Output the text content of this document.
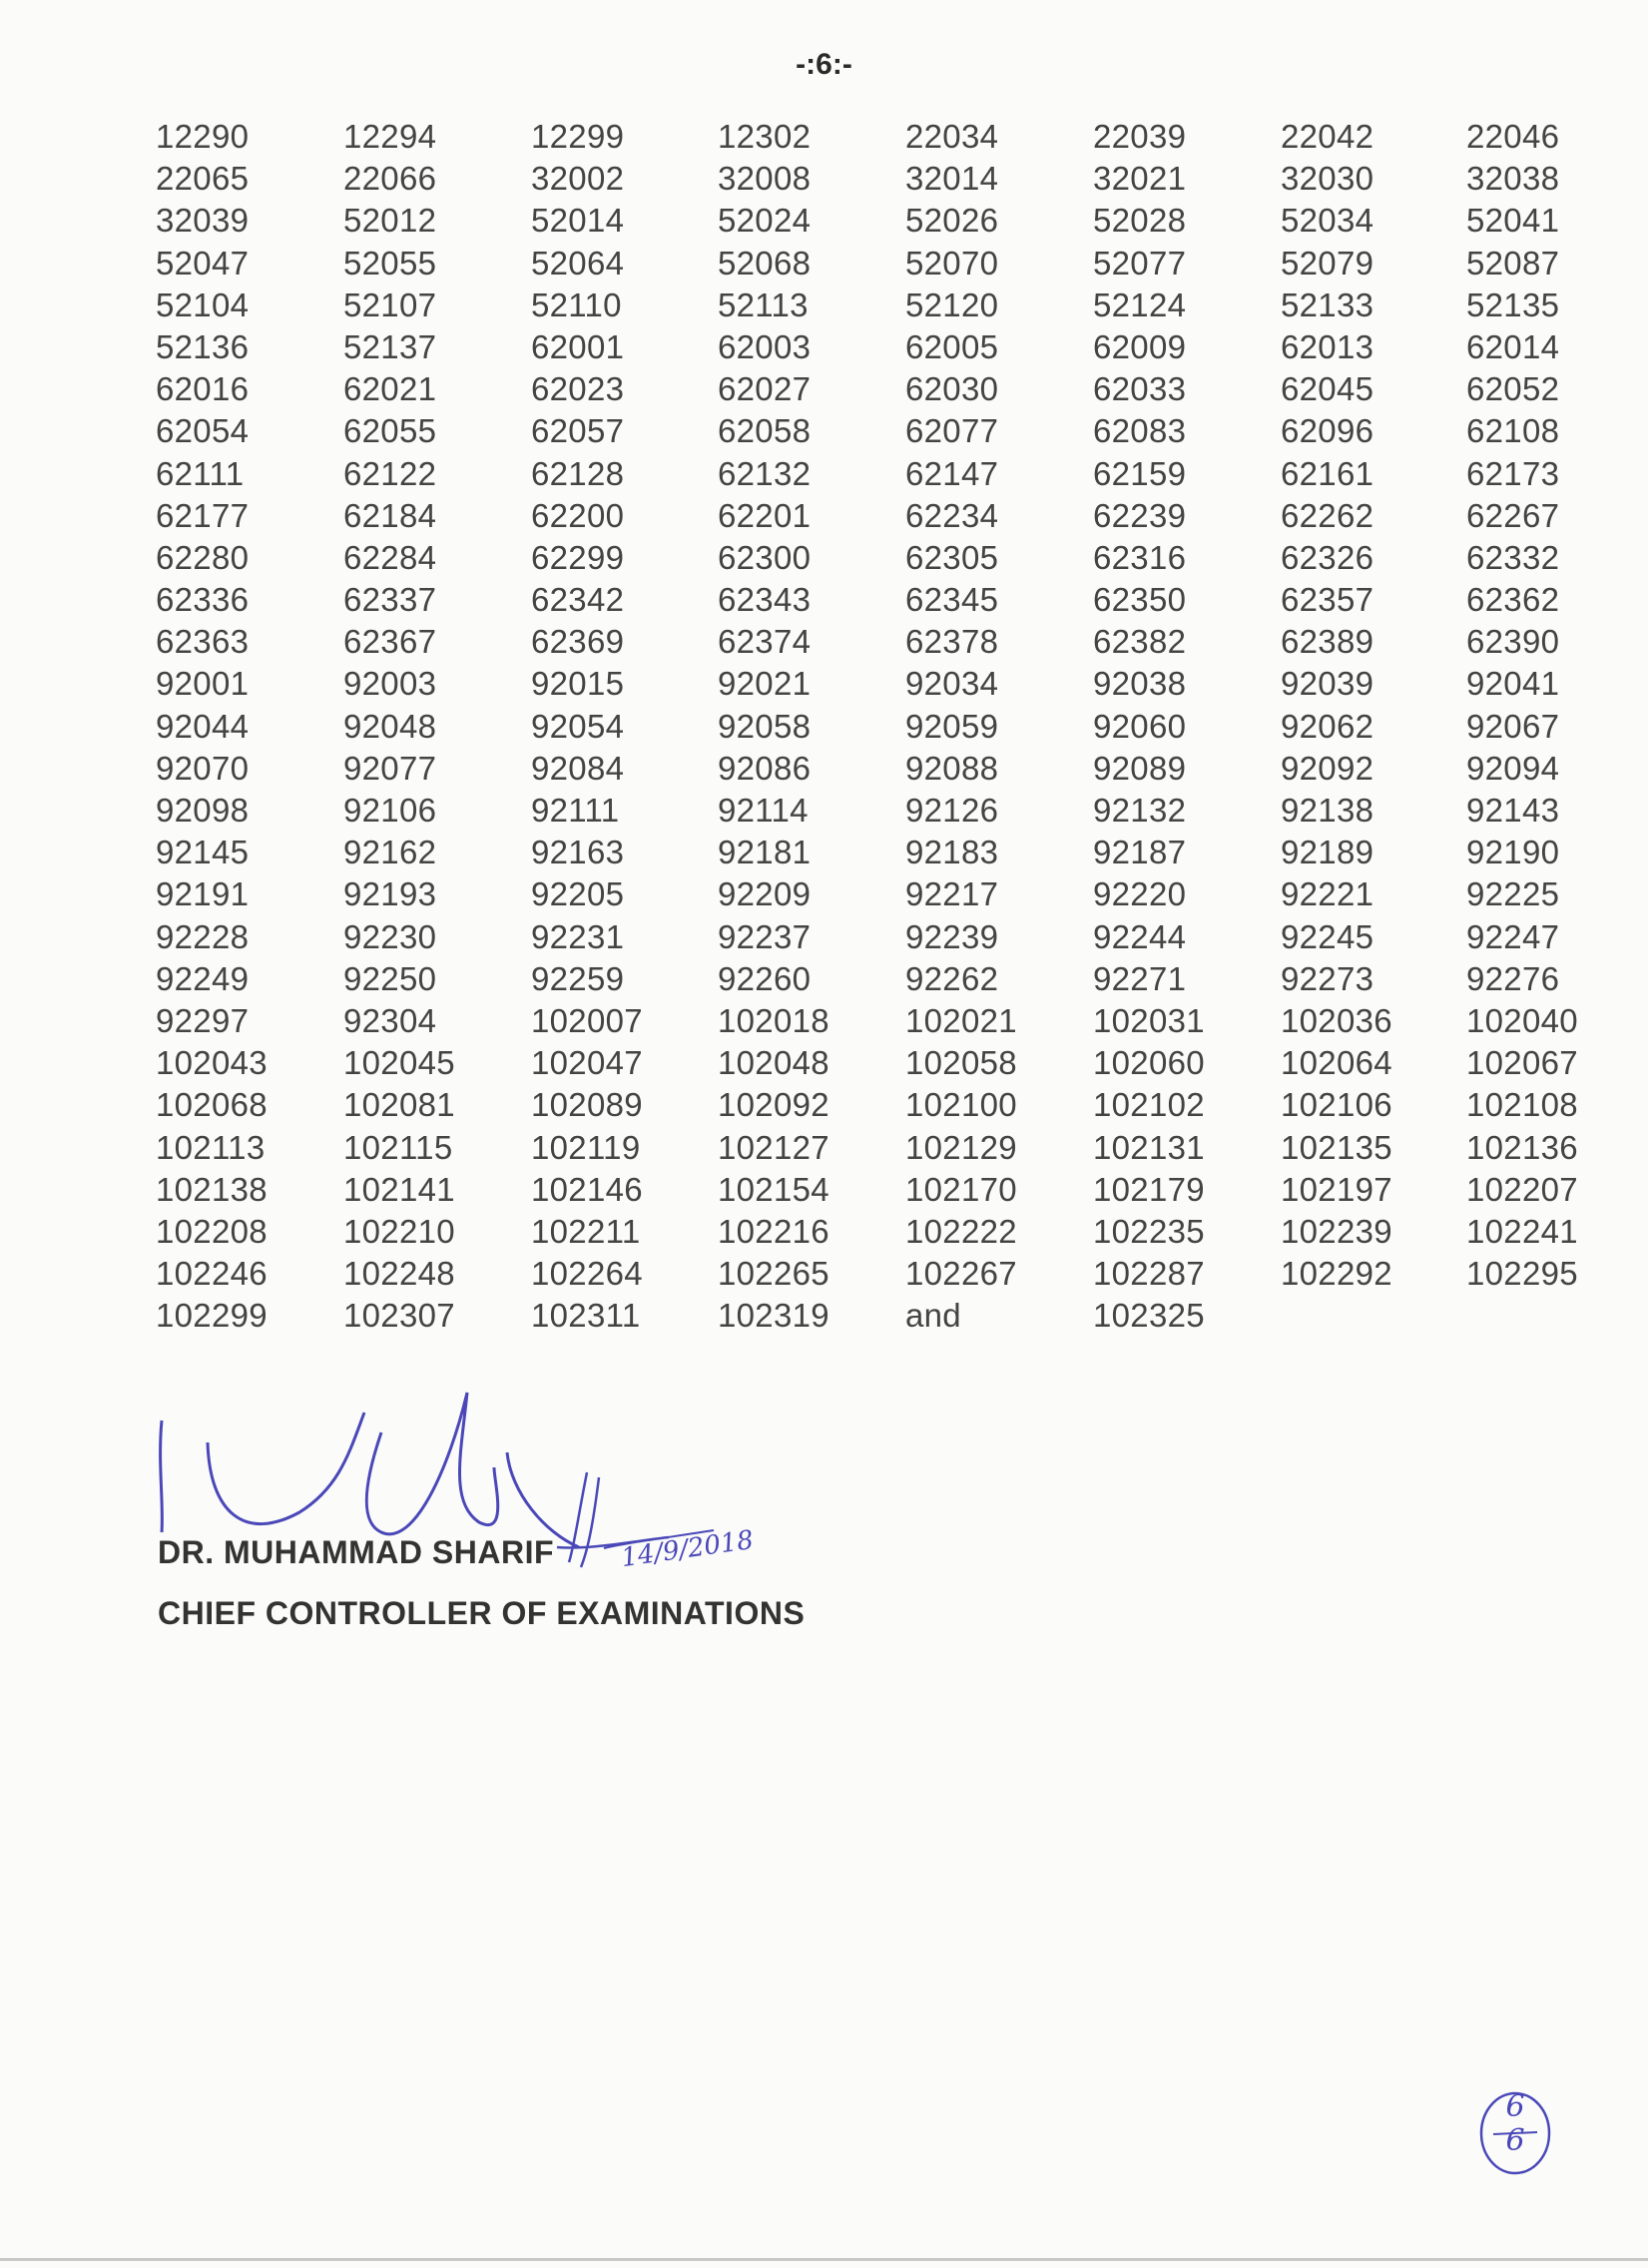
-:6:-
12290	12294	12299	12302	22034	22039	22042	22046
22065	22066	32002	32008	32014	32021	32030	32038
32039	52012	52014	52024	52026	52028	52034	52041
52047	52055	52064	52068	52070	52077	52079	52087
52104	52107	52110	52113	52120	52124	52133	52135
52136	52137	62001	62003	62005	62009	62013	62014
62016	62021	62023	62027	62030	62033	62045	62052
62054	62055	62057	62058	62077	62083	62096	62108
62111	62122	62128	62132	62147	62159	62161	62173
62177	62184	62200	62201	62234	62239	62262	62267
62280	62284	62299	62300	62305	62316	62326	62332
62336	62337	62342	62343	62345	62350	62357	62362
62363	62367	62369	62374	62378	62382	62389	62390
92001	92003	92015	92021	92034	92038	92039	92041
92044	92048	92054	92058	92059	92060	92062	92067
92070	92077	92084	92086	92088	92089	92092	92094
92098	92106	92111	92114	92126	92132	92138	92143
92145	92162	92163	92181	92183	92187	92189	92190
92191	92193	92205	92209	92217	92220	92221	92225
92228	92230	92231	92237	92239	92244	92245	92247
92249	92250	92259	92260	92262	92271	92273	92276
92297	92304	102007 102018 102021 102031 102036 102040
102043 102045 102047 102048 102058 102060 102064 102067
102068 102081 102089 102092 102100 102102 102106 102108
102113 102115 102119 102127 102129 102131 102135 102136
102138 102141 102146 102154 102170 102179 102197 102207
102208 102210 102211 102216 102222 102235 102239 102241
102246 102248 102264 102265 102267 102287 102292 102295
102299 102307 102311 102319 and	102325
DR. MUHAMMAD SHARIF	14/9/2018
CHIEF CONTROLLER OF EXAMINATIONS
6
6
